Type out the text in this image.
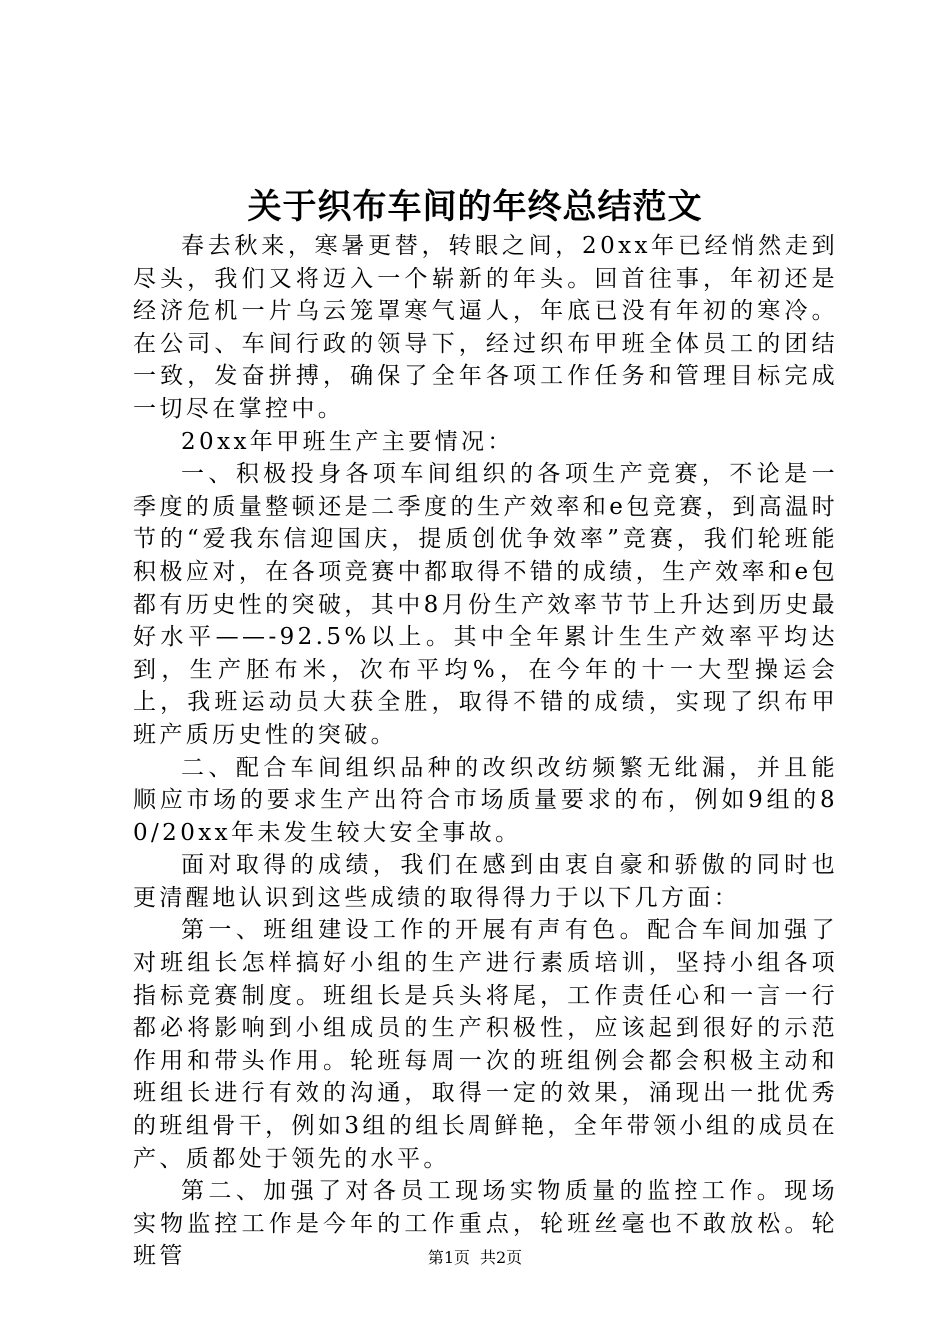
关于织布车间的年终总结范文

春去秋来，寒暑更替，转眼之间，20xx年已经悄然走到尽头，我们又将迈入一个崭新的年头。回首往事，年初还是经济危机一片乌云笼罩寒气逼人，年底已没有年初的寒冷。在公司、车间行政的领导下，经过织布甲班全体员工的团结一致，发奋拼搏，确保了全年各项工作任务和管理目标完成一切尽在掌控中。

20xx年甲班生产主要情况：

一、积极投身各项车间组织的各项生产竞赛，不论是一季度的质量整顿还是二季度的生产效率和e包竞赛，到高温时节的“爱我东信迎国庆，提质创优争效率”竞赛，我们轮班能积极应对，在各项竞赛中都取得不错的成绩，生产效率和e包都有历史性的突破，其中8月份生产效率节节上升达到历史最好水平——-92.5%以上。其中全年累计生生产效率平均达到，生产胚布米，次布平均%，在今年的十一大型操运会上，我班运动员大获全胜，取得不错的成绩，实现了织布甲班产质历史性的突破。

二、配合车间组织品种的改织改纺频繁无纰漏，并且能顺应市场的要求生产出符合市场质量要求的布，例如9组的80/20xx年未发生较大安全事故。

面对取得的成绩，我们在感到由衷自豪和骄傲的同时也更清醒地认识到这些成绩的取得得力于以下几方面：

第一、班组建设工作的开展有声有色。配合车间加强了对班组长怎样搞好小组的生产进行素质培训，坚持小组各项指标竞赛制度。班组长是兵头将尾，工作责任心和一言一行都必将影响到小组成员的生产积极性，应该起到很好的示范作用和带头作用。轮班每周一次的班组例会都会积极主动和班组长进行有效的沟通，取得一定的效果，涌现出一批优秀的班组骨干，例如3组的组长周鲜艳，全年带领小组的成员在产、质都处于领先的水平。

第二、加强了对各员工现场实物质量的监控工作。现场实物监控工作是今年的工作重点，轮班丝毫也不敢放松。轮班管	第1页 共2页
